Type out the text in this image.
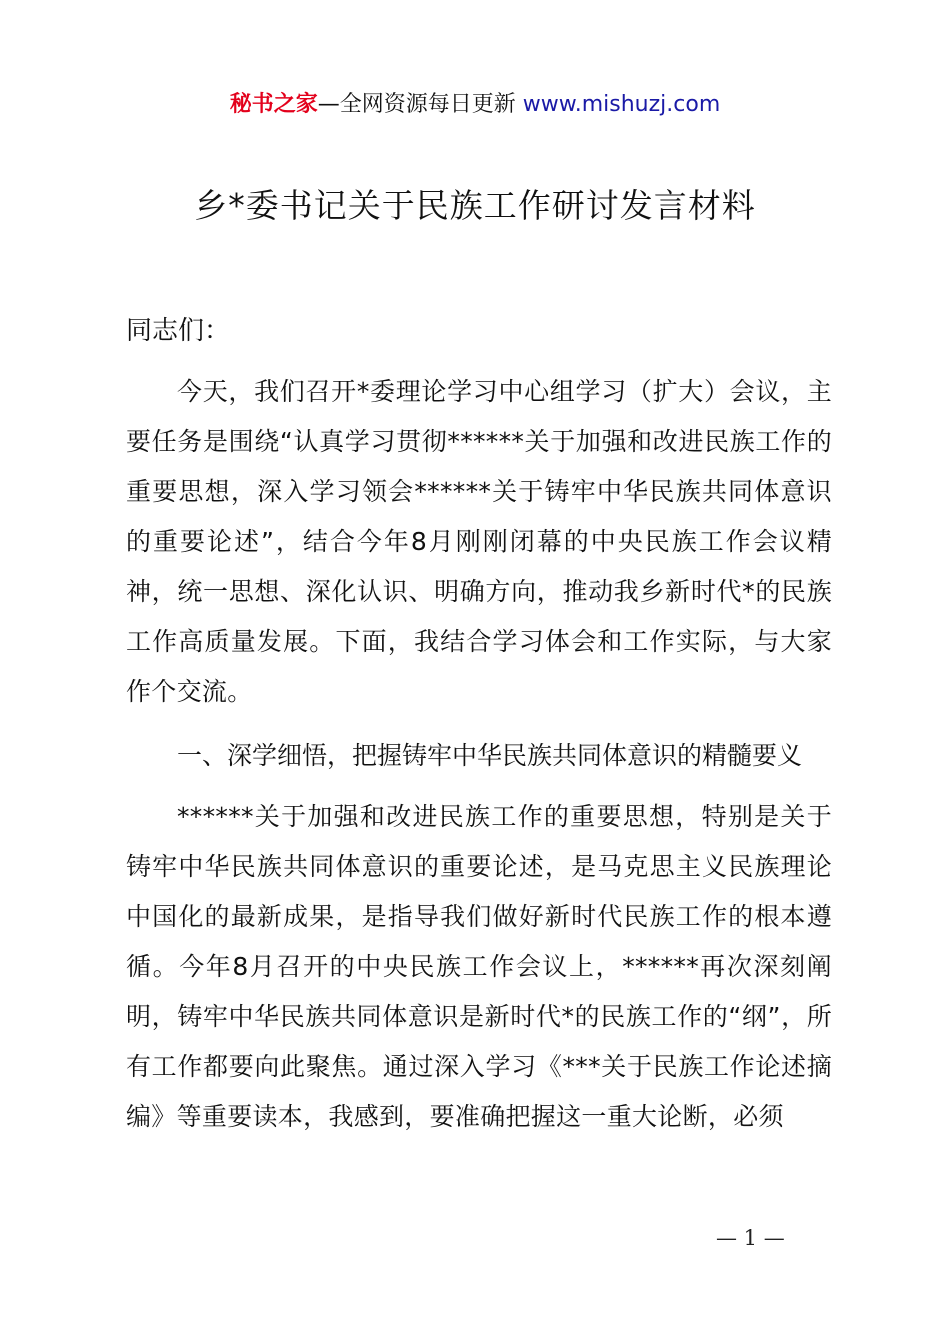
秘书之家—全网资源每日更新 www.mishuzj.com
乡*委书记关于民族工作研讨发言材料
同志们：
今天，我们召开*委理论学习中心组学习（扩大）会议，主要任务是围绕“认真学习贯彻******关于加强和改进民族工作的重要思想，深入学习领会******关于铸牢中华民族共同体意识的重要论述”，结合今年8月刚刚闭幕的中央民族工作会议精神，统一思想、深化认识、明确方向，推动我乡新时代*的民族工作高质量发展。下面，我结合学习体会和工作实际，与大家作个交流。
一、深学细悟，把握铸牢中华民族共同体意识的精髓要义
******关于加强和改进民族工作的重要思想，特别是关于铸牢中华民族共同体意识的重要论述，是马克思主义民族理论中国化的最新成果，是指导我们做好新时代民族工作的根本遵循。今年8月召开的中央民族工作会议上，******再次深刻阐明，铸牢中华民族共同体意识是新时代*的民族工作的“纲”，所有工作都要向此聚焦。通过深入学习《***关于民族工作论述摘编》等重要读本，我感到，要准确把握这一重大论断，必须
— 1 —
